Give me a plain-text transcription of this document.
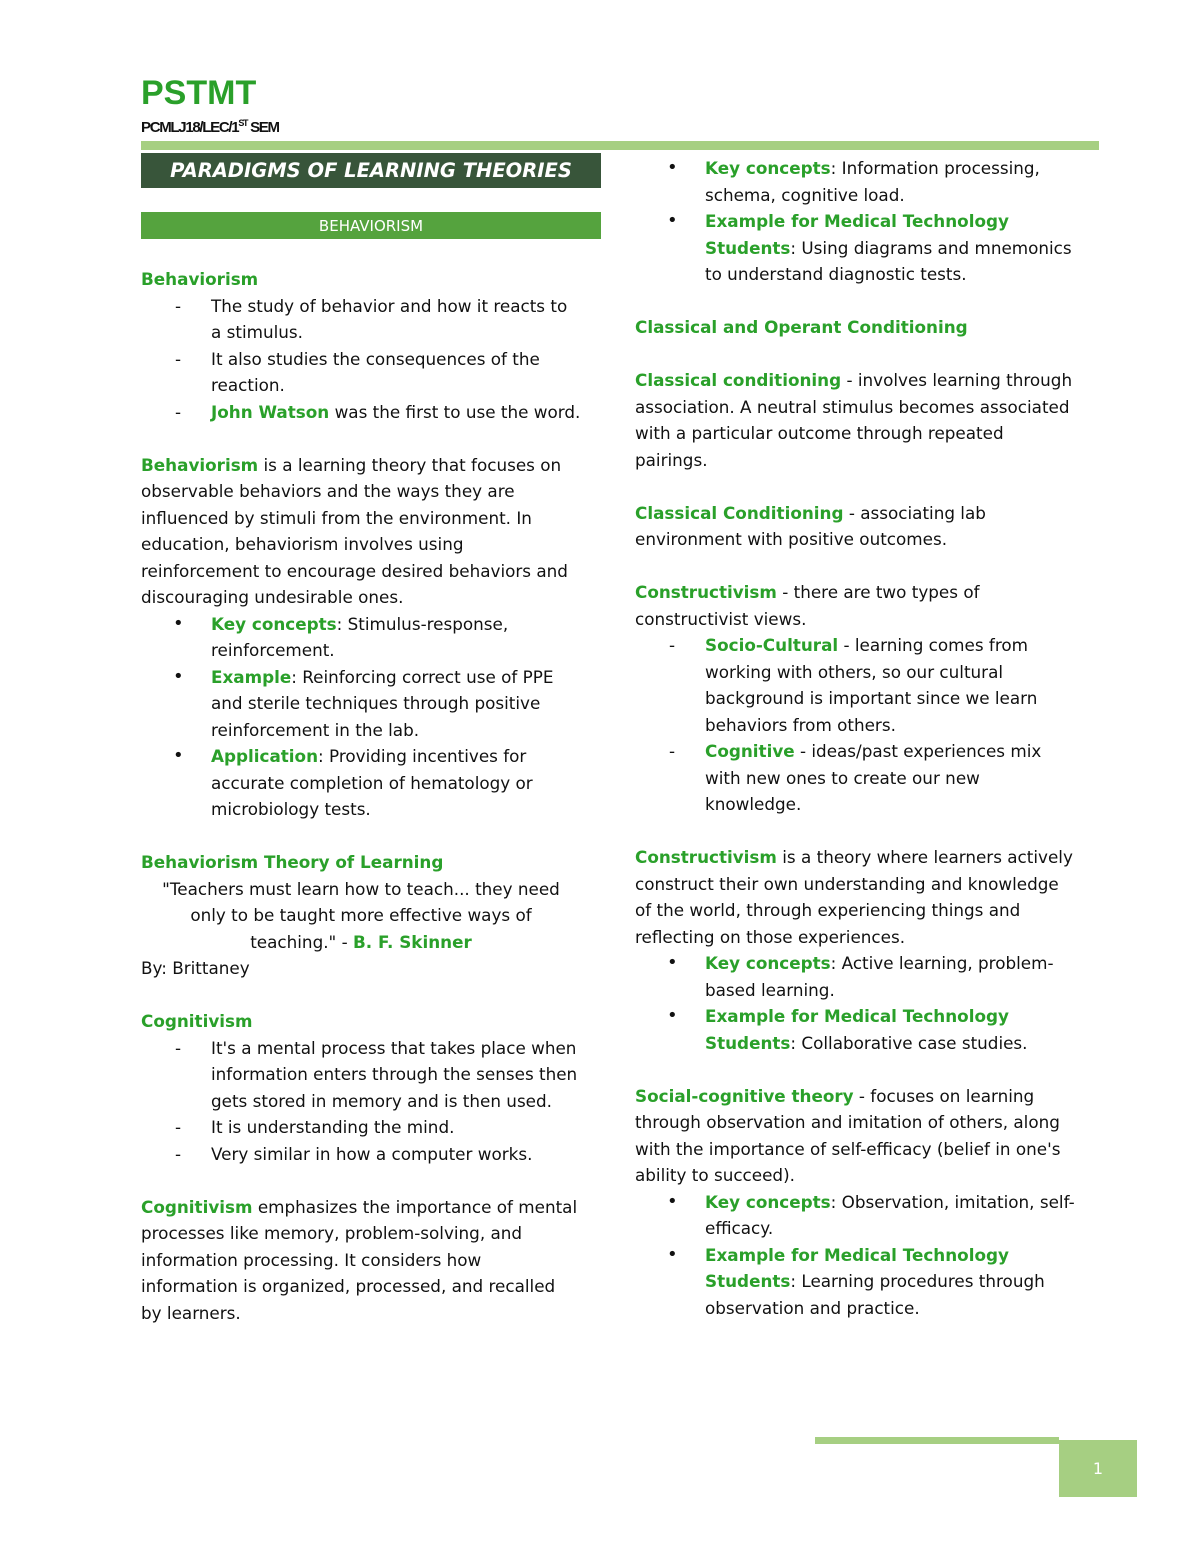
PSTMT
PCMLJ18/LEC/1ST SEM
PARADIGMS OF LEARNING THEORIES
BEHAVIORISM

Behaviorism

- The study of behavior and how it reacts to a stimulus.

- It also studies the consequences of the reaction.

- John Watson was the first to use the word.

Behaviorism is a learning theory that focuses on observable behaviors and the ways they are influenced by stimuli from the environment. In education, behaviorism involves using reinforcement to encourage desired behaviors and discouraging undesirable ones.

• Key concepts: Stimulus-response, reinforcement.

• Example: Reinforcing correct use of PPE and sterile techniques through positive reinforcement in the lab.

• Application: Providing incentives for accurate completion of hematology or microbiology tests.

Behaviorism Theory of Learning

"Teachers must learn how to teach... they need

only to be taught more effective ways of

teaching." - B. F. Skinner

By: Brittaney

Cognitivism

- It's a mental process that takes place when information enters through the senses then gets stored in memory and is then used.

- It is understanding the mind.

- Very similar in how a computer works.

Cognitivism emphasizes the importance of mental processes like memory, problem-solving, and information processing. It considers how information is organized, processed, and recalled by learners.

• Key concepts: Information processing, schema, cognitive load.

• Example for Medical Technology Students: Using diagrams and mnemonics to understand diagnostic tests.

Classical and Operant Conditioning

Classical conditioning - involves learning through association. A neutral stimulus becomes associated with a particular outcome through repeated pairings.

Classical Conditioning - associating lab environment with positive outcomes.

Constructivism - there are two types of constructivist views.

- Socio-Cultural - learning comes from working with others, so our cultural background is important since we learn behaviors from others.

- Cognitive - ideas/past experiences mix with new ones to create our new knowledge.

Constructivism is a theory where learners actively construct their own understanding and knowledge of the world, through experiencing things and reflecting on those experiences.

• Key concepts: Active learning, problem-based learning.

• Example for Medical Technology Students: Collaborative case studies.

Social-cognitive theory - focuses on learning through observation and imitation of others, along with the importance of self-efficacy (belief in one's ability to succeed).

• Key concepts: Observation, imitation, self-efficacy.

• Example for Medical Technology Students: Learning procedures through observation and practice.

1
